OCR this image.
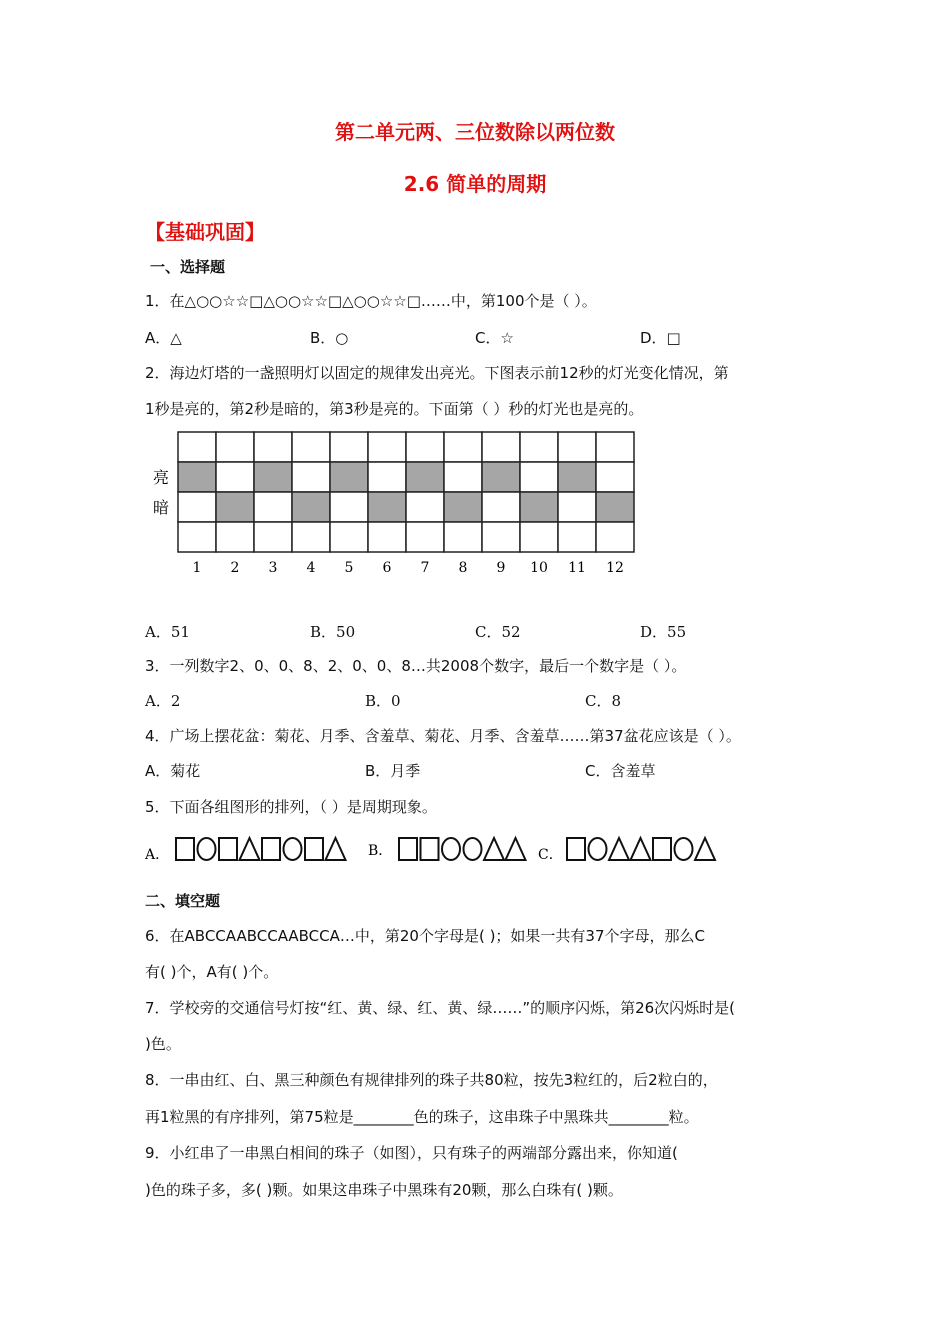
第二单元两、三位数除以两位数
2.6 简单的周期
【基础巩固】
一、选择题
1．在△○○☆☆□△○○☆☆□△○○☆☆□……中，第100个是（ ）。
A．△	B．○	C．☆	D．□
2．海边灯塔的一盏照明灯以固定的规律发出亮光。下图表示前12秒的灯光变化情况，第
1秒是亮的，第2秒是暗的，第3秒是亮的。下面第（ ）秒的灯光也是亮的。
亮
暗
1 2 3 4 5 6 7 8 9 10 11 12
A．51	B．50	C．52	D．55
3．一列数字2、0、0、8、2、0、0、8…共2008个数字，最后一个数字是（ ）。
A．2	B．0	C．8
4．广场上摆花盆：菊花、月季、含羞草、菊花、月季、含羞草……第37盆花应该是（ ）。
A．菊花	B．月季	C．含羞草
5．下面各组图形的排列，（ ）是周期现象。
A．	B．	C．
二、填空题
6．在ABCCAABCCAABCCA…中，第20个字母是( )；如果一共有37个字母，那么C
有( )个，A有( )个。
7．学校旁的交通信号灯按“红、黄、绿、红、黄、绿……”的顺序闪烁，第26次闪烁时是(
)色。
8．一串由红、白、黑三种颜色有规律排列的珠子共80粒，按先3粒红的，后2粒白的，
再1粒黑的有序排列，第75粒是________色的珠子，这串珠子中黑珠共________粒。
9．小红串了一串黑白相间的珠子（如图），只有珠子的两端部分露出来，你知道(
)色的珠子多，多( )颗。如果这串珠子中黑珠有20颗，那么白珠有( )颗。
